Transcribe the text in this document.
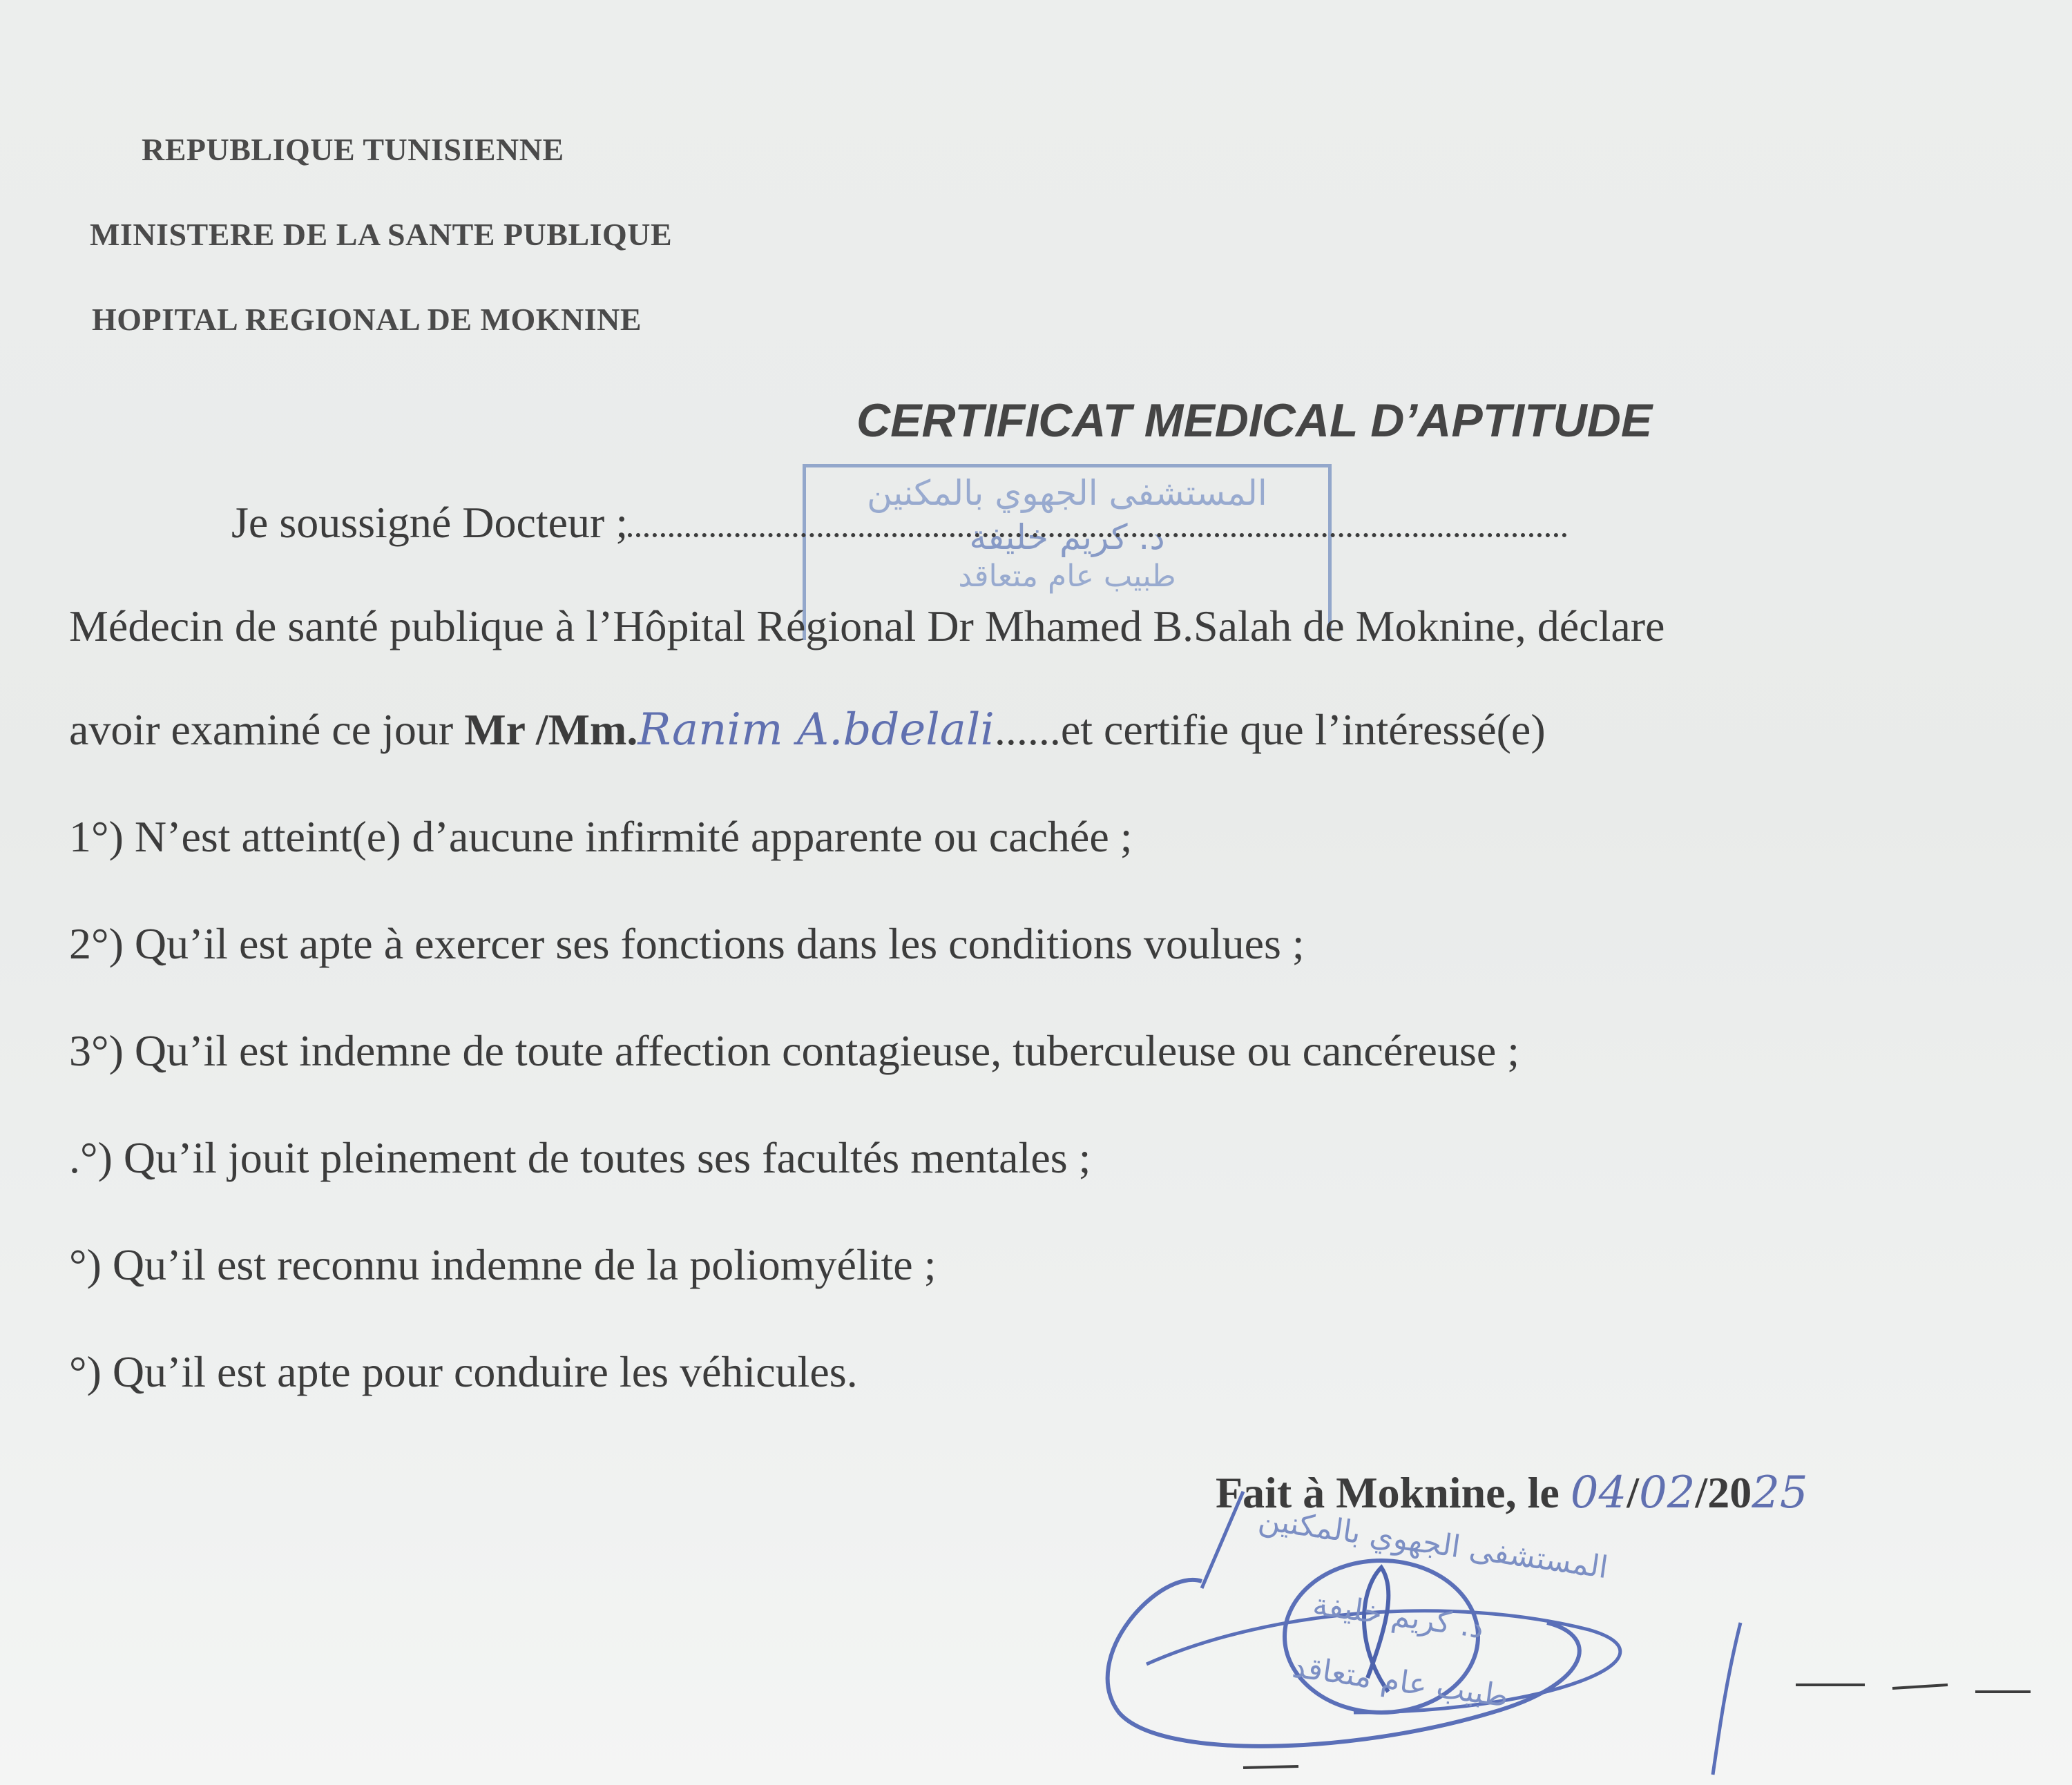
REPUBLIQUE TUNISIENNE
MINISTERE DE LA SANTE PUBLIQUE
HOPITAL REGIONAL DE MOKNINE
CERTIFICAT MEDICAL D’APTITUDE
المستشفى الجهوي بالمكنين
د. كريم خليفة
طبيب عام متعاقد
Je soussigné Docteur ;
Médecin de santé publique à l’Hôpital Régional Dr Mhamed B.Salah de Moknine, déclare
avoir examiné ce jour Mr /Mm.Ranim A.bdelali......et certifie que l’intéressé(e)
1°) N’est atteint(e) d’aucune infirmité apparente ou cachée ;
2°) Qu’il est apte à exercer ses fonctions dans les conditions voulues ;
3°) Qu’il est indemne de toute affection contagieuse, tuberculeuse ou cancéreuse ;
.°) Qu’il jouit pleinement de toutes ses facultés mentales ;
°) Qu’il est reconnu indemne de la poliomyélite ;
°) Qu’il est apte pour conduire les véhicules.
Fait à Moknine, le 04/02/2025
المستشفى الجهوي بالمكنين
د. كريم خليفة
طبيب عام متعاقد
